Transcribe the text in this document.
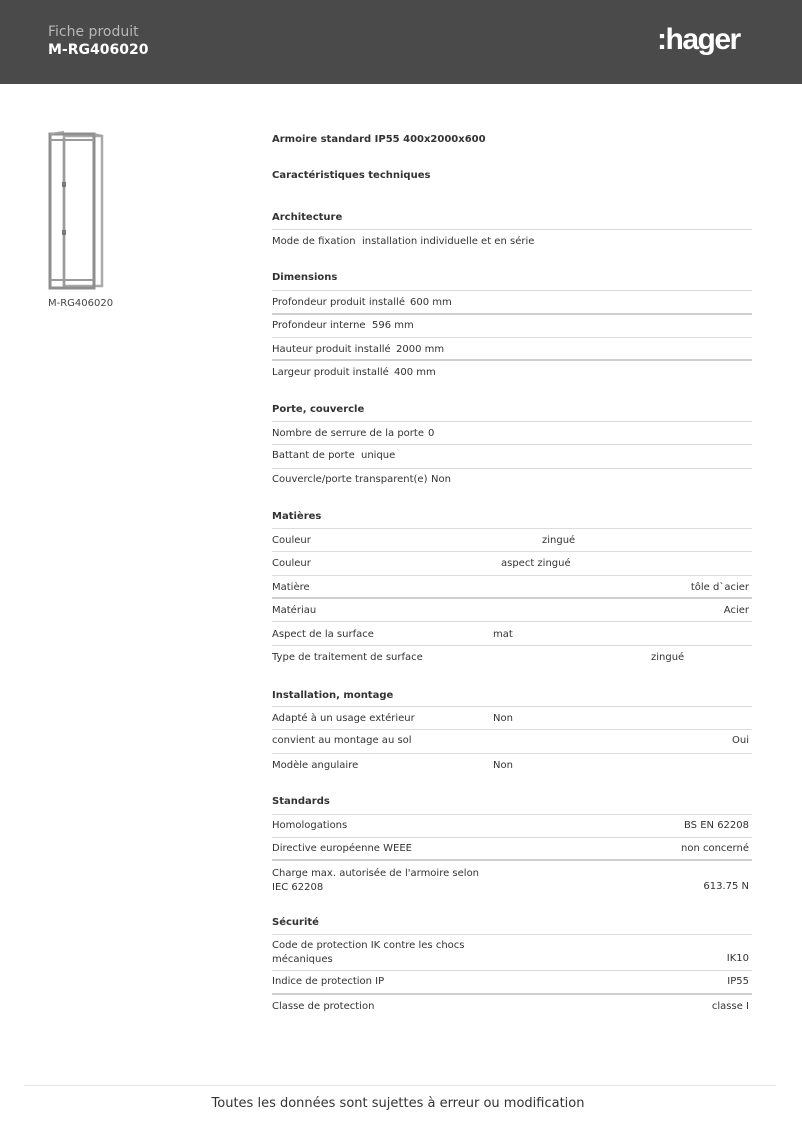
Fiche produit
M-RG406020	:hager
M-RG406020
Armoire standard IP55 400x2000x600
Caractéristiques techniques
Architecture
Mode de fixation installation individuelle et en série
Dimensions
Profondeur produit installé 600 mm
Profondeur interne 596 mm
Hauteur produit installé 2000 mm
Largeur produit installé 400 mm
Porte, couvercle
Nombre de serrure de la porte 0
Battant de porte unique
Couvercle/porte transparent(e) Non
Matières
Couleur	zingué
Couleur	aspect zingué
Matière	tôle d`acier
Matériau	Acier
Aspect de la surface	mat
Type de traitement de surface	zingué
Installation, montage
Adapté à un usage extérieur	Non
convient au montage au sol	Oui
Modèle angulaire	Non
Standards
Homologations	BS EN 62208
Directive européenne WEEE	non concerné
Charge max. autorisée de l'armoire selon IEC 62208	613.75 N
Sécurité
Code de protection IK contre les chocs mécaniques	IK10
Indice de protection IP	IP55
Classe de protection	classe I
Toutes les données sont sujettes à erreur ou modification
